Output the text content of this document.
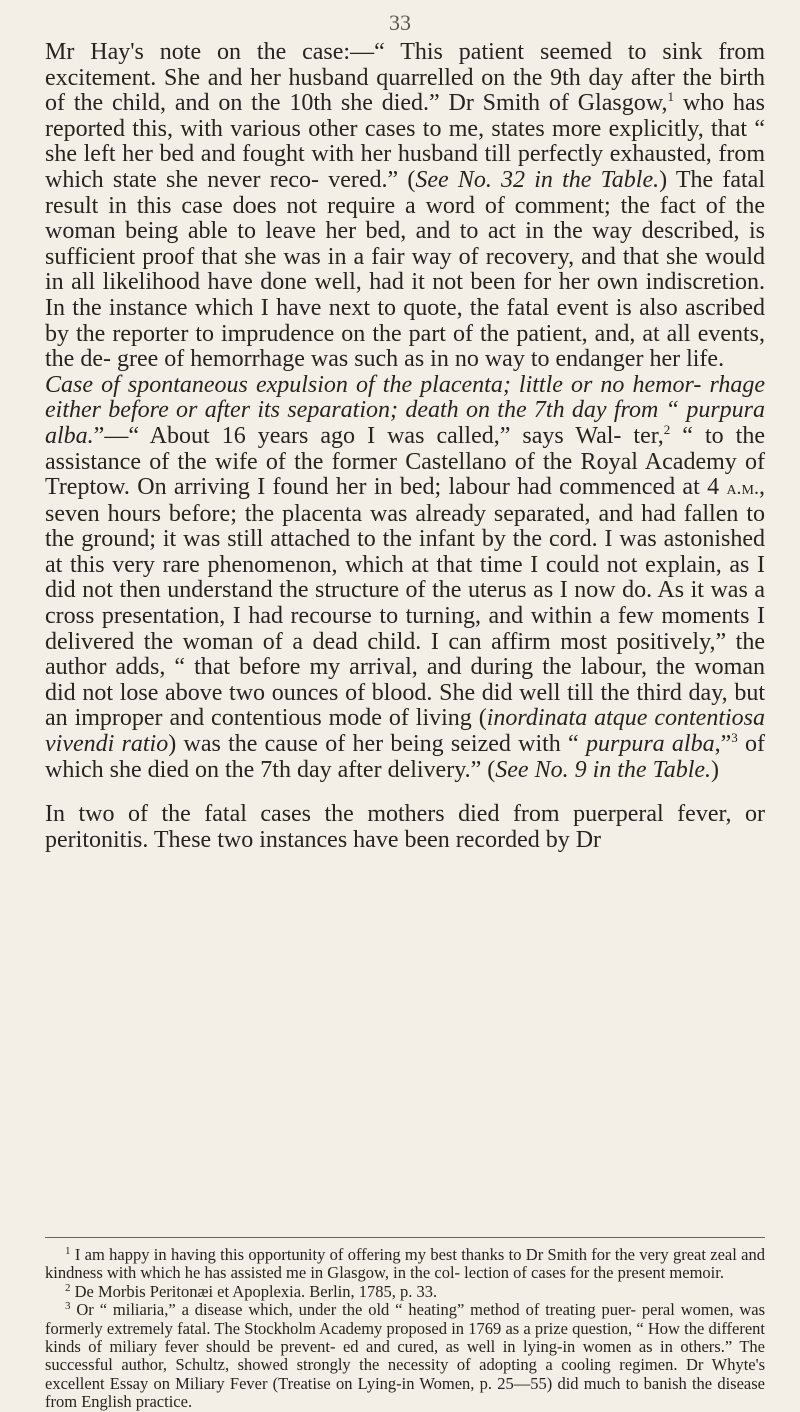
33

Mr Hay's note on the case:—“ This patient seemed to sink from excitement. She and her husband quarrelled on the 9th day after the birth of the child, and on the 10th she died.” Dr Smith of Glasgow,$^1$ who has reported this, with various other cases to me, states more explicitly, that “ she left her bed and fought with her husband till perfectly exhausted, from which state she never reco- vered.” (See No. 32 in the Table.) The fatal result in this case does not require a word of comment; the fact of the woman being able to leave her bed, and to act in the way described, is sufficient proof that she was in a fair way of recovery, and that she would in all likelihood have done well, had it not been for her own indiscretion. In the instance which I have next to quote, the fatal event is also ascribed by the reporter to imprudence on the part of the patient, and, at all events, the de- gree of hemorrhage was such as in no way to endanger her life.

Case of spontaneous expulsion of the placenta; little or no hemor- rhage either before or after its separation; death on the 7th day from “ purpura alba.”—“ About 16 years ago I was called,” says Wal- ter,$^2$ “ to the assistance of the wife of the former Castellano of the Royal Academy of Treptow. On arriving I found her in bed; labour had commenced at 4 a.m., seven hours before; the placenta was already separated, and had fallen to the ground; it was still attached to the infant by the cord. I was astonished at this very rare phenomenon, which at that time I could not explain, as I did not then understand the structure of the uterus as I now do. As it was a cross presentation, I had recourse to turning, and within a few moments I delivered the woman of a dead child. I can affirm most positively,” the author adds, “ that before my arrival, and during the labour, the woman did not lose above two ounces of blood. She did well till the third day, but an improper and contentious mode of living (inordinata atque contentiosa vivendi ratio) was the cause of her being seized with “ purpura alba,”$^3$ of which she died on the 7th day after delivery.” (See No. 9 in the Table.)

In two of the fatal cases the mothers died from puerperal fever, or peritonitis. These two instances have been recorded by Dr

$^1$ I am happy in having this opportunity of offering my best thanks to Dr Smith for the very great zeal and kindness with which he has assisted me in Glasgow, in the col- lection of cases for the present memoir.

$^2$ De Morbis Peritonæi et Apoplexia. Berlin, 1785, p. 33.

$^3$ Or “ miliaria,” a disease which, under the old “ heating” method of treating puer- peral women, was formerly extremely fatal. The Stockholm Academy proposed in 1769 as a prize question, “ How the different kinds of miliary fever should be prevent- ed and cured, as well in lying-in women as in others.” The successful author, Schultz, showed strongly the necessity of adopting a cooling regimen. Dr Whyte's excellent Essay on Miliary Fever (Treatise on Lying-in Women, p. 25—55) did much to banish the disease from English practice.
